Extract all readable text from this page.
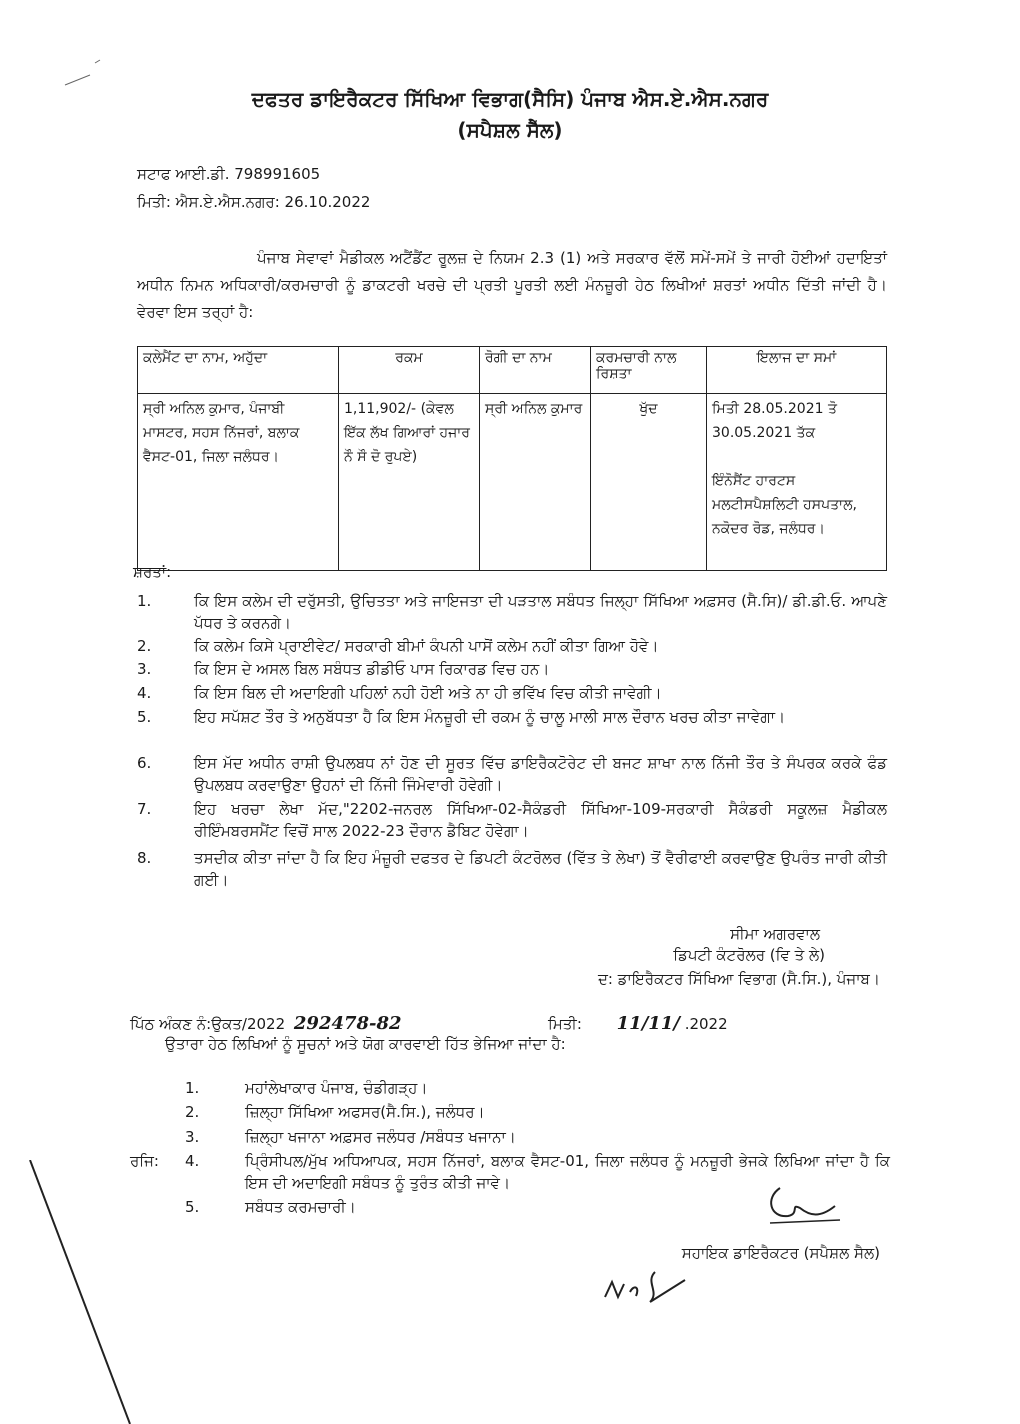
ਦਫਤਰ ਡਾਇਰੈਕਟਰ ਸਿੱਖਿਆ ਵਿਭਾਗ(ਸੈਸਿ) ਪੰਜਾਬ ਐਸ.ਏ.ਐਸ.ਨਗਰ
(ਸਪੈਸ਼ਲ ਸੈੱਲ)
ਸਟਾਫ ਆਈ.ਡੀ. 798991605
ਮਿਤੀ: ਐਸ.ਏ.ਐਸ.ਨਗਰ: 26.10.2022
ਪੰਜਾਬ ਸੇਵਾਵਾਂ ਮੈਡੀਕਲ ਅਟੈਂਡੈਂਟ ਰੂਲਜ਼ ਦੇ ਨਿਯਮ 2.3 (1) ਅਤੇ ਸਰਕਾਰ ਵੱਲੋਂ ਸਮੇਂ-ਸਮੇਂ ਤੇ ਜਾਰੀ ਹੋਈਆਂ ਹਦਾਇਤਾਂ ਅਧੀਨ ਨਿਮਨ ਅਧਿਕਾਰੀ/ਕਰਮਚਾਰੀ ਨੂੰ ਡਾਕਟਰੀ ਖਰਚੇ ਦੀ ਪ੍ਰਤੀ ਪੂਰਤੀ ਲਈ ਮੰਨਜ਼ੂਰੀ ਹੇਠ ਲਿਖੀਆਂ ਸ਼ਰਤਾਂ ਅਧੀਨ ਦਿੱਤੀ ਜਾਂਦੀ ਹੈ। ਵੇਰਵਾ ਇਸ ਤਰ੍ਹਾਂ ਹੈ:
ਕਲੇਮੈਂਟ ਦਾ ਨਾਮ, ਅਹੁੱਦਾ	ਰਕਮ	ਰੋਗੀ ਦਾ ਨਾਮ	ਕਰਮਚਾਰੀ ਨਾਲ ਰਿਸ਼ਤਾ	ਇਲਾਜ ਦਾ ਸਮਾਂ
ਸ੍ਰੀ ਅਨਿਲ ਕੁਮਾਰ, ਪੰਜਾਬੀ ਮਾਸਟਰ, ਸਹਸ ਨਿੱਜਰਾਂ, ਬਲਾਕ ਵੈਸਟ-01, ਜਿਲਾ ਜਲੰਧਰ।	1,11,902/- (ਕੇਵਲ ਇੱਕ ਲੱਖ ਗਿਆਰਾਂ ਹਜਾਰ ਨੌ ਸੌ ਦੋ ਰੁਪਏ)	ਸ੍ਰੀ ਅਨਿਲ ਕੁਮਾਰ	ਖੁੱਦ	ਮਿਤੀ 28.05.2021 ਤੋ 30.05.2021 ਤੱਕ
ਇੰਨੋਸੈਂਟ ਹਾਰਟਸ ਮਲਟੀਸਪੈਸ਼ਲਿਟੀ ਹਸਪਤਾਲ, ਨਕੋਦਰ ਰੋਡ, ਜਲੰਧਰ।
ਸ਼ਰਤਾਂ:
1.	ਕਿ ਇਸ ਕਲੇਮ ਦੀ ਦਰੁੱਸਤੀ, ਉਚਿਤਤਾ ਅਤੇ ਜਾਇਜਤਾ ਦੀ ਪੜਤਾਲ ਸਬੰਧਤ ਜਿਲ੍ਹਾ ਸਿੱਖਿਆ ਅਫ਼ਸਰ (ਸੈ.ਸਿ)/ ਡੀ.ਡੀ.ਓ. ਆਪਣੇ ਪੱਧਰ ਤੇ ਕਰਨਗੇ।
2.	ਕਿ ਕਲੇਮ ਕਿਸੇ ਪ੍ਰਾਈਵੇਟ/ ਸਰਕਾਰੀ ਬੀਮਾਂ ਕੰਪਨੀ ਪਾਸੋਂ ਕਲੇਮ ਨਹੀਂ ਕੀਤਾ ਗਿਆ ਹੋਵੇ।
3.	ਕਿ ਇਸ ਦੇ ਅਸਲ ਬਿਲ ਸਬੰਧਤ ਡੀਡੀਓ ਪਾਸ ਰਿਕਾਰਡ ਵਿਚ ਹਨ।
4.	ਕਿ ਇਸ ਬਿਲ ਦੀ ਅਦਾਇਗੀ ਪਹਿਲਾਂ ਨਹੀ ਹੋਈ ਅਤੇ ਨਾ ਹੀ ਭਵਿੱਖ ਵਿਚ ਕੀਤੀ ਜਾਵੇਗੀ।
5.	ਇਹ ਸਪੱਸ਼ਟ ਤੌਰ ਤੇ ਅਨੁਬੱਧਤਾ ਹੈ ਕਿ ਇਸ ਮੰਨਜ਼ੂਰੀ ਦੀ ਰਕਮ ਨੂੰ ਚਾਲੂ ਮਾਲੀ ਸਾਲ ਦੌਰਾਨ ਖਰਚ ਕੀਤਾ ਜਾਵੇਗਾ।
6.	ਇਸ ਮੱਦ ਅਧੀਨ ਰਾਸ਼ੀ ਉਪਲਬਧ ਨਾਂ ਹੋਣ ਦੀ ਸੂਰਤ ਵਿੱਚ ਡਾਇਰੈਕਟੋਰੇਟ ਦੀ ਬਜਟ ਸ਼ਾਖਾ ਨਾਲ ਨਿੱਜੀ ਤੌਰ ਤੇ ਸੰਪਰਕ ਕਰਕੇ ਫੰਡ ਉਪਲਬਧ ਕਰਵਾਉਣਾ ਉਹਨਾਂ ਦੀ ਨਿੱਜੀ ਜਿੰਮੇਵਾਰੀ ਹੋਵੇਗੀ।
7.	ਇਹ ਖਰਚਾ ਲੇਖਾ ਮੱਦ,"2202-ਜਨਰਲ ਸਿੱਖਿਆ-02-ਸੈਕੰਡਰੀ ਸਿੱਖਿਆ-109-ਸਰਕਾਰੀ ਸੈਕੰਡਰੀ ਸਕੂਲਜ਼ ਮੈਡੀਕਲ ਰੀਇੰਮਬਰਸਮੈਂਟ ਵਿਚੋਂ ਸਾਲ 2022-23 ਦੌਰਾਨ ਡੈਬਿਟ ਹੋਵੇਗਾ।
8.	ਤਸਦੀਕ ਕੀਤਾ ਜਾਂਦਾ ਹੈ ਕਿ ਇਹ ਮੰਜ਼ੂਰੀ ਦਫਤਰ ਦੇ ਡਿਪਟੀ ਕੰਟਰੋਲਰ (ਵਿੱਤ ਤੇ ਲੇਖਾ) ਤੋਂ ਵੈਰੀਫਾਈ ਕਰਵਾਉਣ ਉਪਰੰਤ ਜਾਰੀ ਕੀਤੀ ਗਈ।
ਸੀਮਾ ਅਗਰਵਾਲ
ਡਿਪਟੀ ਕੰਟਰੋਲਰ (ਵਿ ਤੇ ਲੇ)
ਦ: ਡਾਇਰੈਕਟਰ ਸਿੱਖਿਆ ਵਿਭਾਗ (ਸੈ.ਸਿ.), ਪੰਜਾਬ।
ਪਿੱਠ ਅੰਕਣ ਨੰ:ਉਕਤ/2022 292478-82	ਮਿਤੀ: 11/11/ .2022
ਉਤਾਰਾ ਹੇਠ ਲਿਖਿਆਂ ਨੂੰ ਸੂਚਨਾਂ ਅਤੇ ਯੋਗ ਕਾਰਵਾਈ ਹਿੱਤ ਭੇਜਿਆ ਜਾਂਦਾ ਹੈ:
1.	ਮਹਾਂਲੇਖਾਕਾਰ ਪੰਜਾਬ, ਚੰਡੀਗੜ੍ਹ।
2.	ਜ਼ਿਲ੍ਹਾ ਸਿੱਖਿਆ ਅਫਸਰ(ਸੈ.ਸਿ.), ਜਲੰਧਰ।
3.	ਜ਼ਿਲ੍ਹਾ ਖਜਾਨਾ ਅਫ਼ਸਰ ਜਲੰਧਰ /ਸਬੰਧਤ ਖਜਾਨਾ।
ਰਜਿ: 4.	ਪ੍ਰਿੰਸੀਪਲ/ਮੁੱਖ ਅਧਿਆਪਕ, ਸਹਸ ਨਿੱਜਰਾਂ, ਬਲਾਕ ਵੈਸਟ-01, ਜਿਲਾ ਜਲੰਧਰ ਨੂੰ ਮਨਜ਼ੂਰੀ ਭੇਜਕੇ ਲਿਖਿਆ ਜਾਂਦਾ ਹੈ ਕਿ ਇਸ ਦੀ ਅਦਾਇਗੀ ਸਬੰਧਤ ਨੂੰ ਤੁਰੰਤ ਕੀਤੀ ਜਾਵੇ।
5.	ਸਬੰਧਤ ਕਰਮਚਾਰੀ।
ਸਹਾਇਕ ਡਾਇਰੈਕਟਰ (ਸਪੈਸ਼ਲ ਸੈਲ)
